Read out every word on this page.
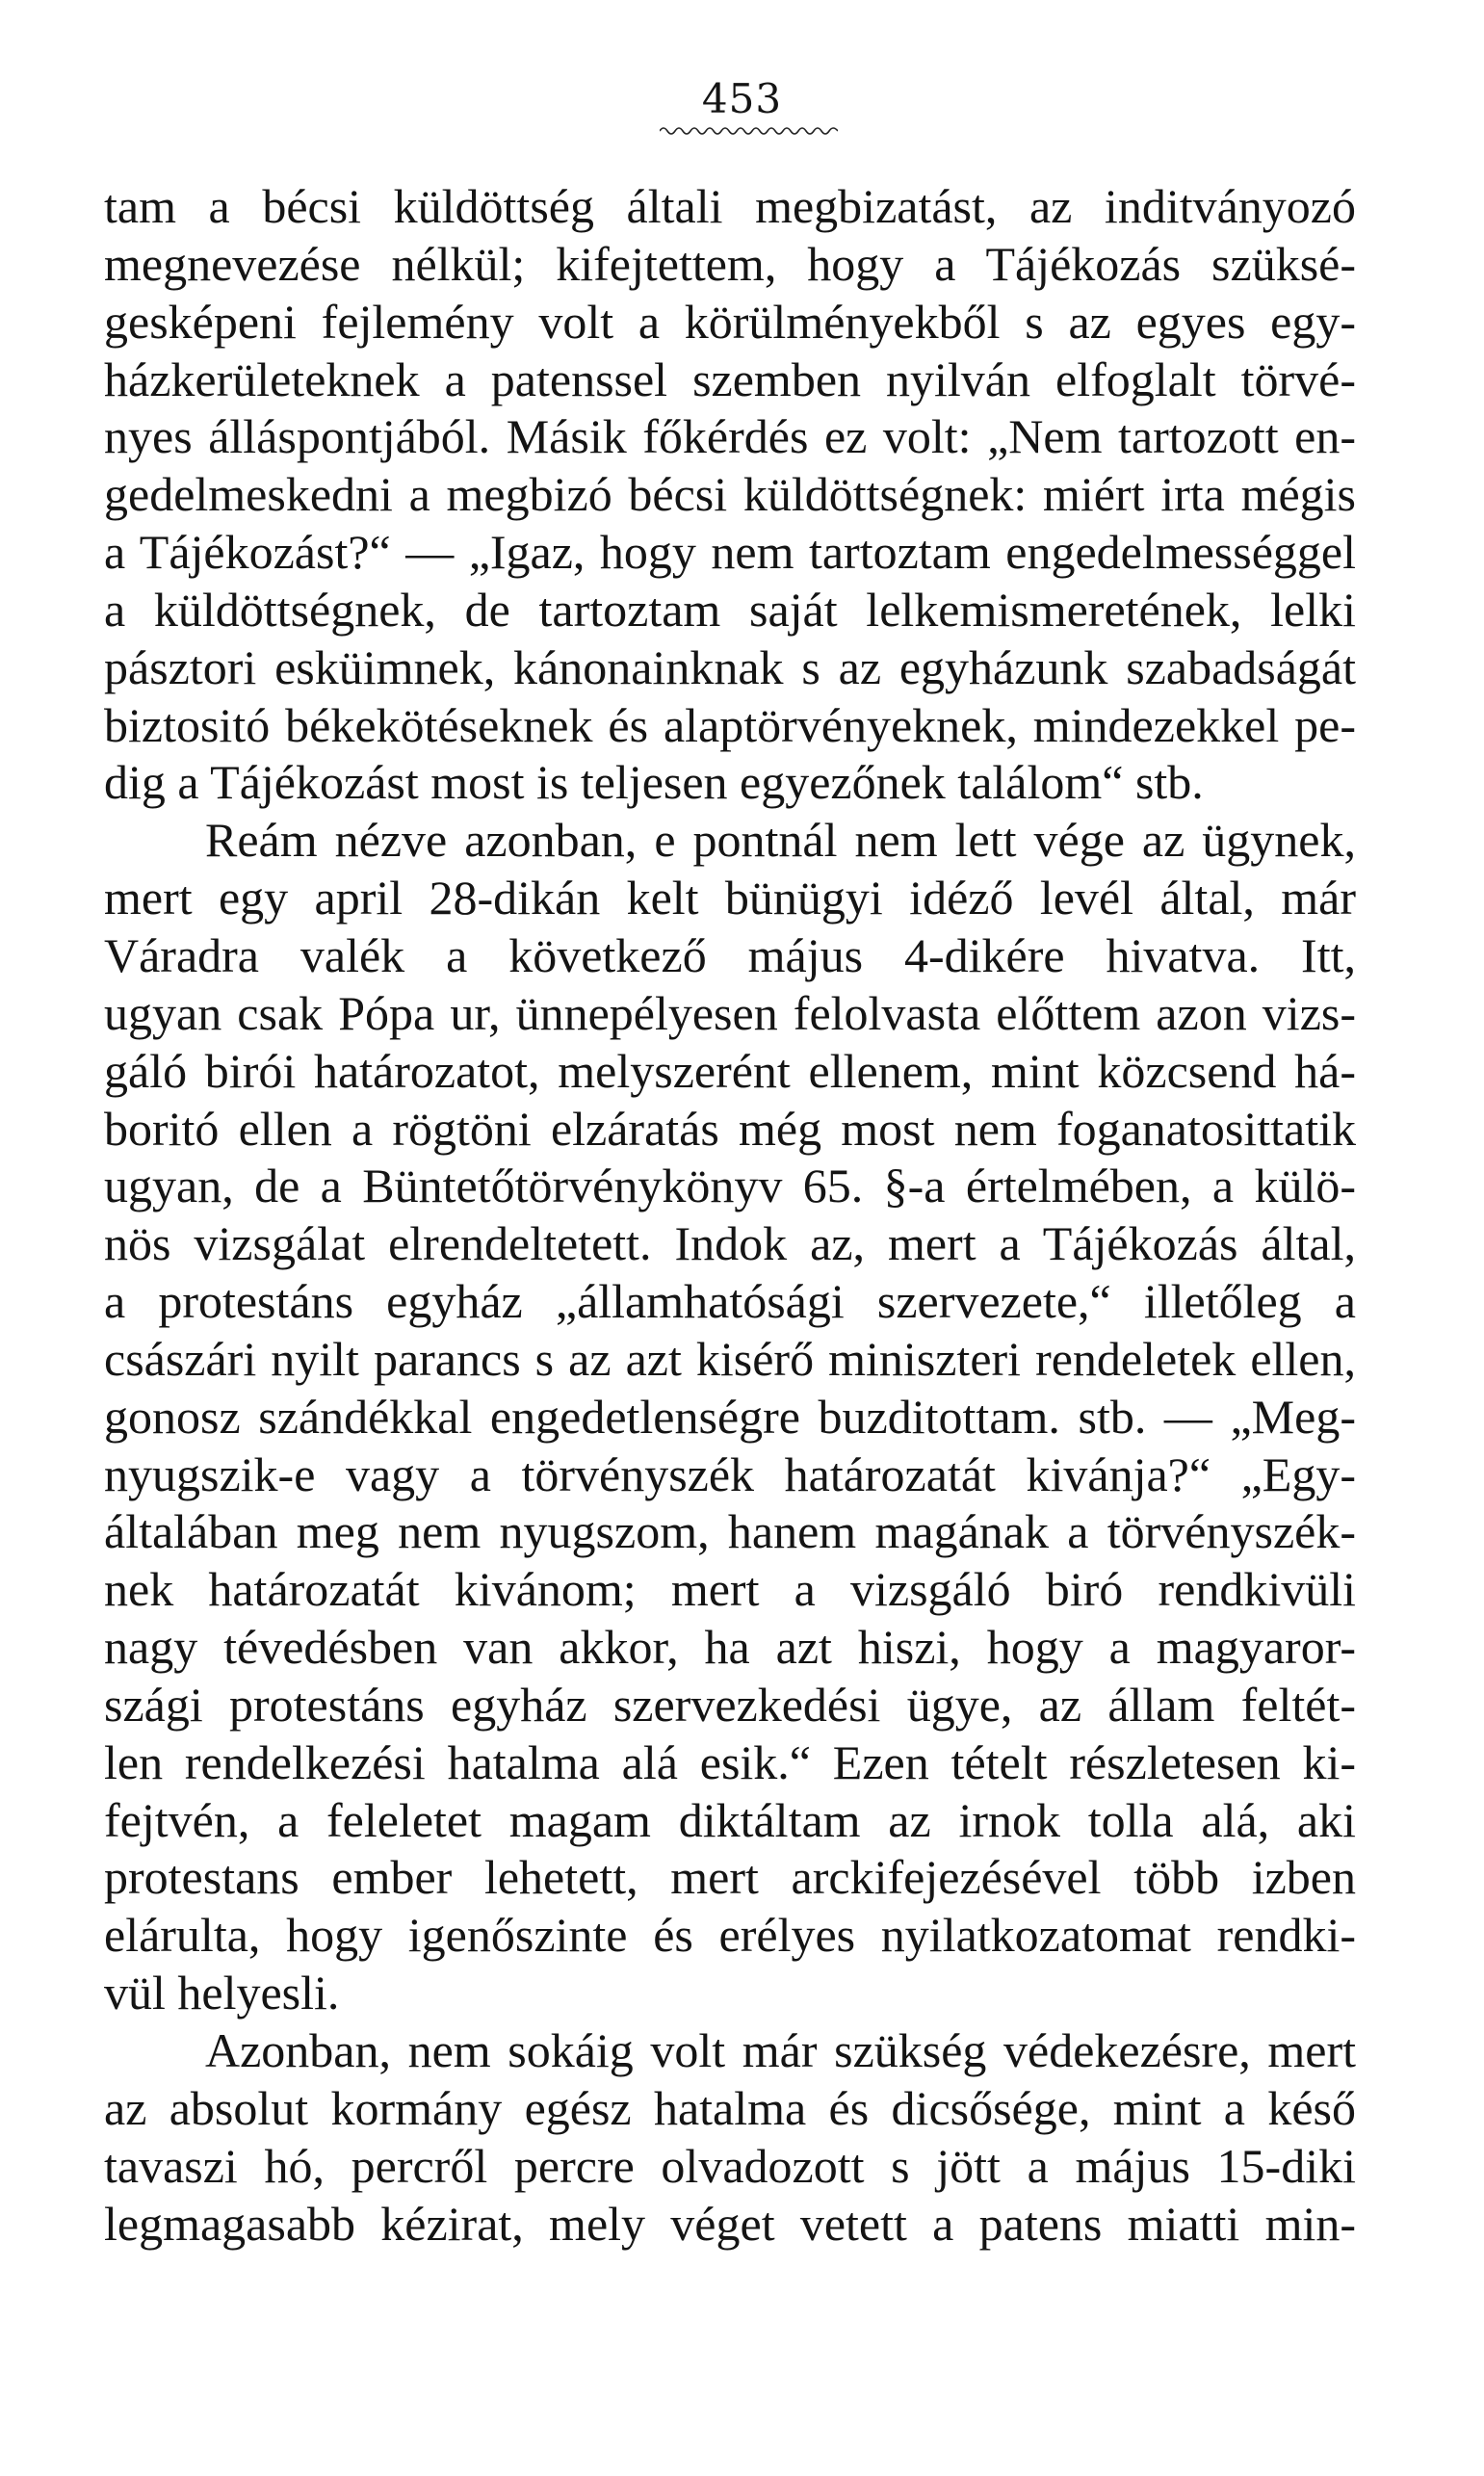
453
tam a bécsi küldöttség általi megbizatást, az inditványozó
megnevezése nélkül; kifejtettem, hogy a Tájékozás szüksé-
gesképeni fejlemény volt a körülményekből s az egyes egy-
házkerületeknek a patenssel szemben nyilván elfoglalt törvé-
nyes álláspontjából. Másik főkérdés ez volt: „Nem tartozott en-
gedelmeskedni a megbizó bécsi küldöttségnek: miért irta mégis
a Tájékozást?“ — „Igaz, hogy nem tartoztam engedelmességgel
a küldöttségnek, de tartoztam saját lelkemismeretének, lelki
pásztori esküimnek, kánonainknak s az egyházunk szabadságát
biztositó békekötéseknek és alaptörvényeknek, mindezekkel pe-
dig a Tájékozást most is teljesen egyezőnek találom“ stb.
Reám nézve azonban, e pontnál nem lett vége az ügynek,
mert egy april 28-dikán kelt bünügyi idéző levél által, már
Váradra valék a következő május 4-dikére hivatva. Itt,
ugyan csak Pópa ur, ünnepélyesen felolvasta előttem azon vizs-
gáló birói határozatot, melyszerént ellenem, mint közcsend há-
boritó ellen a rögtöni elzáratás még most nem foganatosittatik
ugyan, de a Büntetőtörvénykönyv 65. §-a értelmében, a külö-
nös vizsgálat elrendeltetett. Indok az, mert a Tájékozás által,
a protestáns egyház „államhatósági szervezete,“ illetőleg a
császári nyilt parancs s az azt kisérő miniszteri rendeletek ellen,
gonosz szándékkal engedetlenségre buzditottam. stb. — „Meg-
nyugszik-e vagy a törvényszék határozatát kivánja?“ „Egy-
általában meg nem nyugszom, hanem magának a törvényszék-
nek határozatát kivánom; mert a vizsgáló biró rendkivüli
nagy tévedésben van akkor, ha azt hiszi, hogy a magyaror-
szági protestáns egyház szervezkedési ügye, az állam feltét-
len rendelkezési hatalma alá esik.“ Ezen tételt részletesen ki-
fejtvén, a feleletet magam diktáltam az irnok tolla alá, aki
protestans ember lehetett, mert arckifejezésével több izben
elárulta, hogy igenőszinte és erélyes nyilatkozatomat rendki-
vül helyesli.
Azonban, nem sokáig volt már szükség védekezésre, mert
az absolut kormány egész hatalma és dicsősége, mint a késő
tavaszi hó, percről percre olvadozott s jött a május 15-diki
legmagasabb kézirat, mely véget vetett a patens miatti min-
